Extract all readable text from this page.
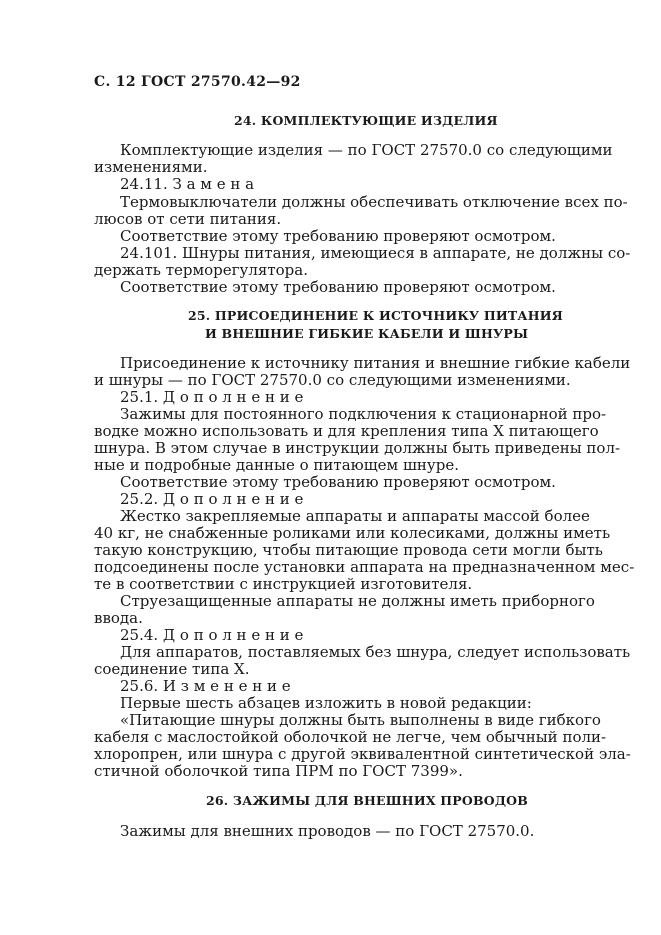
С. 12 ГОСТ 27570.42—92
24. КОМПЛЕКТУЮЩИЕ ИЗДЕЛИЯ
Комплектующие изделия — по ГОСТ 27570.0 со следующими
изменениями.
24.11. З а м е н а
Термовыключатели должны обеспечивать отключение всех по-
люсов от сети питания.
Соответствие этому требованию проверяют осмотром.
24.101. Шнуры питания, имеющиеся в аппарате, не должны со-
держать терморегулятора.
Соответствие этому требованию проверяют осмотром.
25. ПРИСОЕДИНЕНИЕ К ИСТОЧНИКУ ПИТАНИЯ
И ВНЕШНИЕ ГИБКИЕ КАБЕЛИ И ШНУРЫ
Присоединение к источнику питания и внешние гибкие кабели
и шнуры — по ГОСТ 27570.0 со следующими изменениями.
25.1. Д о п о л н е н и е
Зажимы для постоянного подключения к стационарной про-
водке можно использовать и для крепления типа X питающего
шнура. В этом случае в инструкции должны быть приведены пол-
ные и подробные данные о питающем шнуре.
Соответствие этому требованию проверяют осмотром.
25.2. Д о п о л н е н и е
Жестко закрепляемые аппараты и аппараты массой более
40 кг, не снабженные роликами или колесиками, должны иметь
такую конструкцию, чтобы питающие провода сети могли быть
подсоединены после установки аппарата на предназначенном мес-
те в соответствии с инструкцией изготовителя.
Струезащищенные аппараты не должны иметь приборного
ввода.
25.4. Д о п о л н е н и е
Для аппаратов, поставляемых без шнура, следует использовать
соединение типа X.
25.6. И з м е н е н и е
Первые шесть абзацев изложить в новой редакции:
«Питающие шнуры должны быть выполнены в виде гибкого
кабеля с маслостойкой оболочкой не легче, чем обычный поли-
хлоропрен, или шнура с другой эквивалентной синтетической эла-
стичной оболочкой типа ПРМ по ГОСТ 7399».
26. ЗАЖИМЫ ДЛЯ ВНЕШНИХ ПРОВОДОВ
Зажимы для внешних проводов — по ГОСТ 27570.0.
